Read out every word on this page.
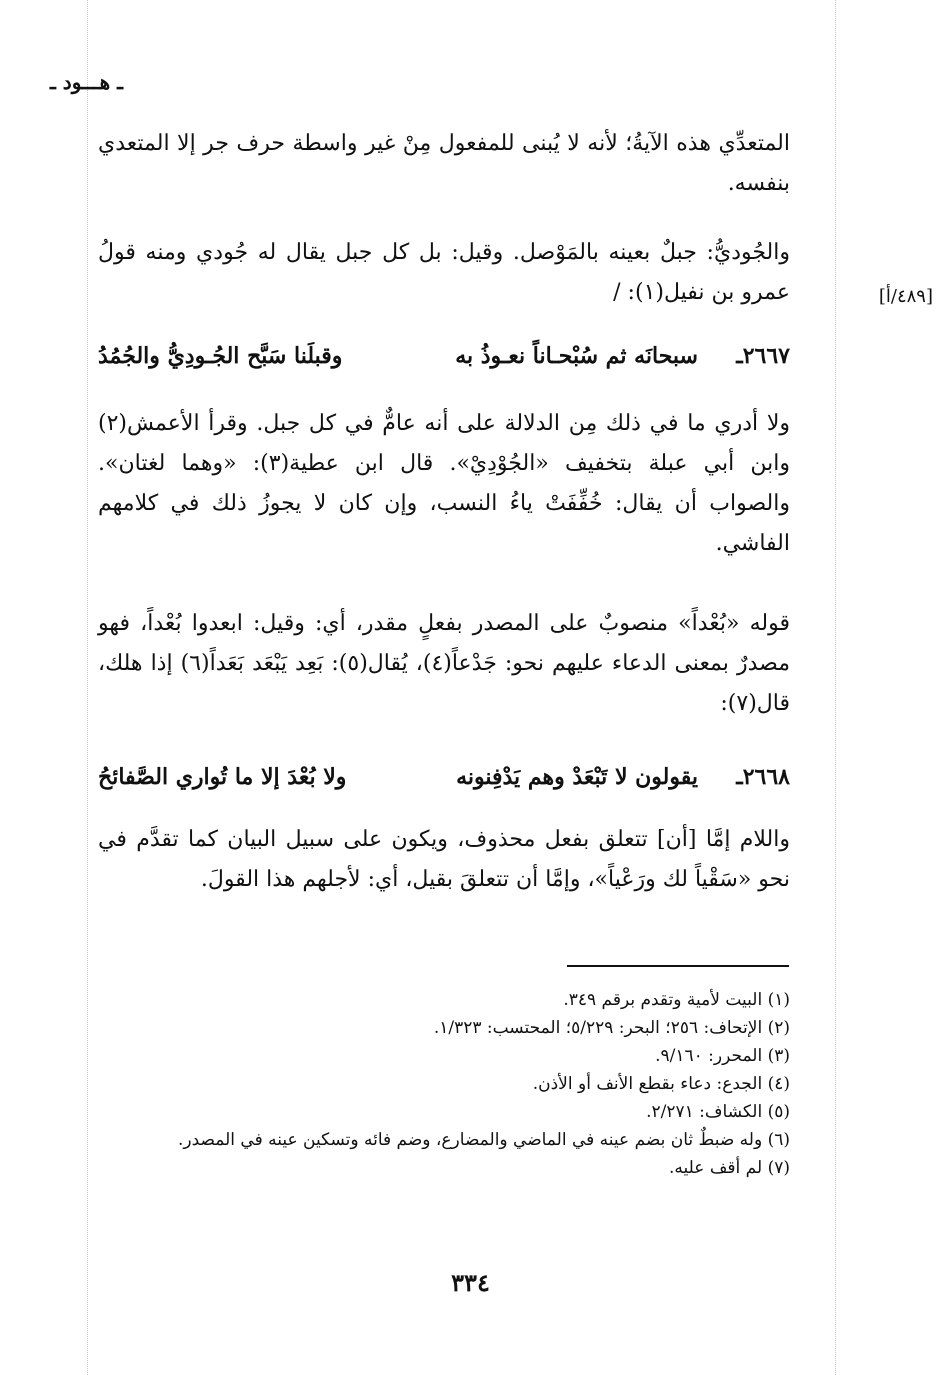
ـ هـــود ـ
المتعدِّي هذه الآيةُ؛ لأنه لا يُبنى للمفعول مِنْ غير واسطة حرف جر إلا المتعدي بنفسه.
والجُوديُّ: جبلٌ بعينه بالمَوْصل. وقيل: بل كل جبل يقال له جُودي ومنه قولُ عمرو بن نفيل(١): /	[٤٨٩/أ]
٢٦٦٧ـ
سبحانَه ثم سُبْحـاناً نعـوذُ به
وقبلَنا سَبَّح الجُـودِيُّ والجُمُدُ
ولا أدري ما في ذلك مِن الدلالة على أنه عامٌّ في كل جبل. وقرأ الأعمش(٢) وابن أبي عبلة بتخفيف «الجُوْدِيْ». قال ابن عطية(٣): «وهما لغتان». والصواب أن يقال: خُفِّفَتْ ياءُ النسب، وإن كان لا يجوزُ ذلك في كلامهم الفاشي.
قوله «بُعْداً» منصوبٌ على المصدر بفعلٍ مقدر، أي: وقيل: ابعدوا بُعْداً، فهو مصدرٌ بمعنى الدعاء عليهم نحو: جَدْعاً(٤)، يُقال(٥): بَعِد يَبْعَد بَعَداً(٦) إذا هلك، قال(٧):
٢٦٦٨ـ
يقولون لا تَبْعَدْ وهم يَدْفِنونه
ولا بُعْدَ إلا ما تُواري الصَّفائحُ
واللام إمَّا [أن] تتعلق بفعل محذوف، ويكون على سبيل البيان كما تقدَّم في نحو «سَقْياً لك ورَعْياً»، وإمَّا أن تتعلقَ بقيل، أي: لأجلهم هذا القولَ.
(١) البيت لأمية وتقدم برقم ٣٤٩.
(٢) الإتحاف: ٢٥٦؛ البحر: ٥/٢٢٩؛ المحتسب: ١/٣٢٣.
(٣) المحرر: ٩/١٦٠.
(٤) الجدع: دعاء بقطع الأنف أو الأذن.
(٥) الكشاف: ٢/٢٧١.
(٦) وله ضبطٌ ثان بضم عينه في الماضي والمضارع، وضم فائه وتسكين عينه في المصدر.
(٧) لم أقف عليه.
٣٣٤
